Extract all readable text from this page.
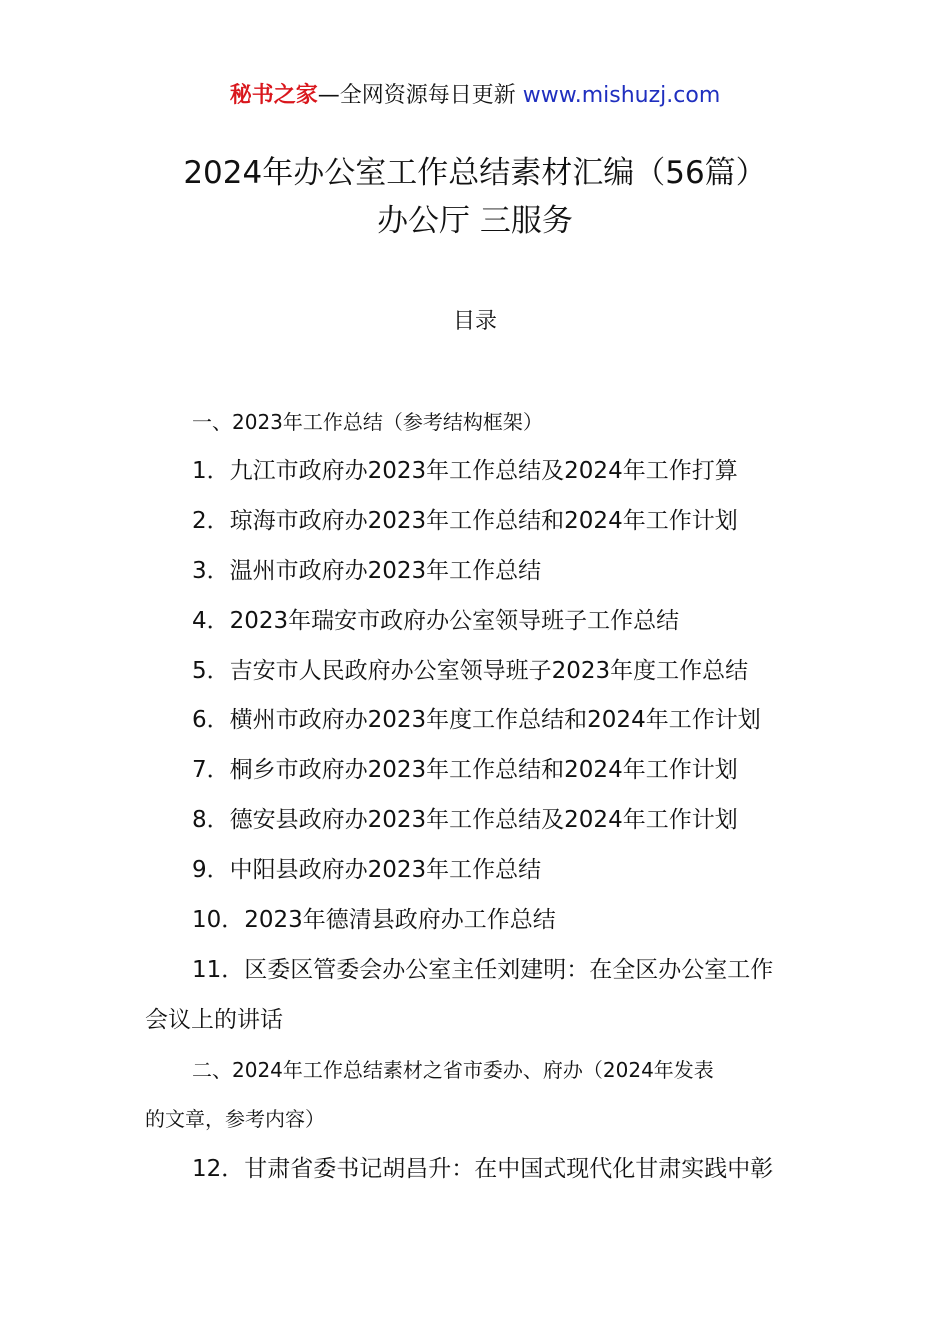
秘书之家—全网资源每日更新 www.mishuzj.com
2024年办公室工作总结素材汇编（56篇）
办公厅 三服务
目录
一、2023年工作总结（参考结构框架）
1．九江市政府办2023年工作总结及2024年工作打算
2．琼海市政府办2023年工作总结和2024年工作计划
3．温州市政府办2023年工作总结
4．2023年瑞安市政府办公室领导班子工作总结
5．吉安市人民政府办公室领导班子2023年度工作总结
6．横州市政府办2023年度工作总结和2024年工作计划
7．桐乡市政府办2023年工作总结和2024年工作计划
8．德安县政府办2023年工作总结及2024年工作计划
9．中阳县政府办2023年工作总结
10．2023年德清县政府办工作总结
11．区委区管委会办公室主任刘建明：在全区办公室工作
会议上的讲话
二、2024年工作总结素材之省市委办、府办（2024年发表
的文章，参考内容）
12．甘肃省委书记胡昌升：在中国式现代化甘肃实践中彰
